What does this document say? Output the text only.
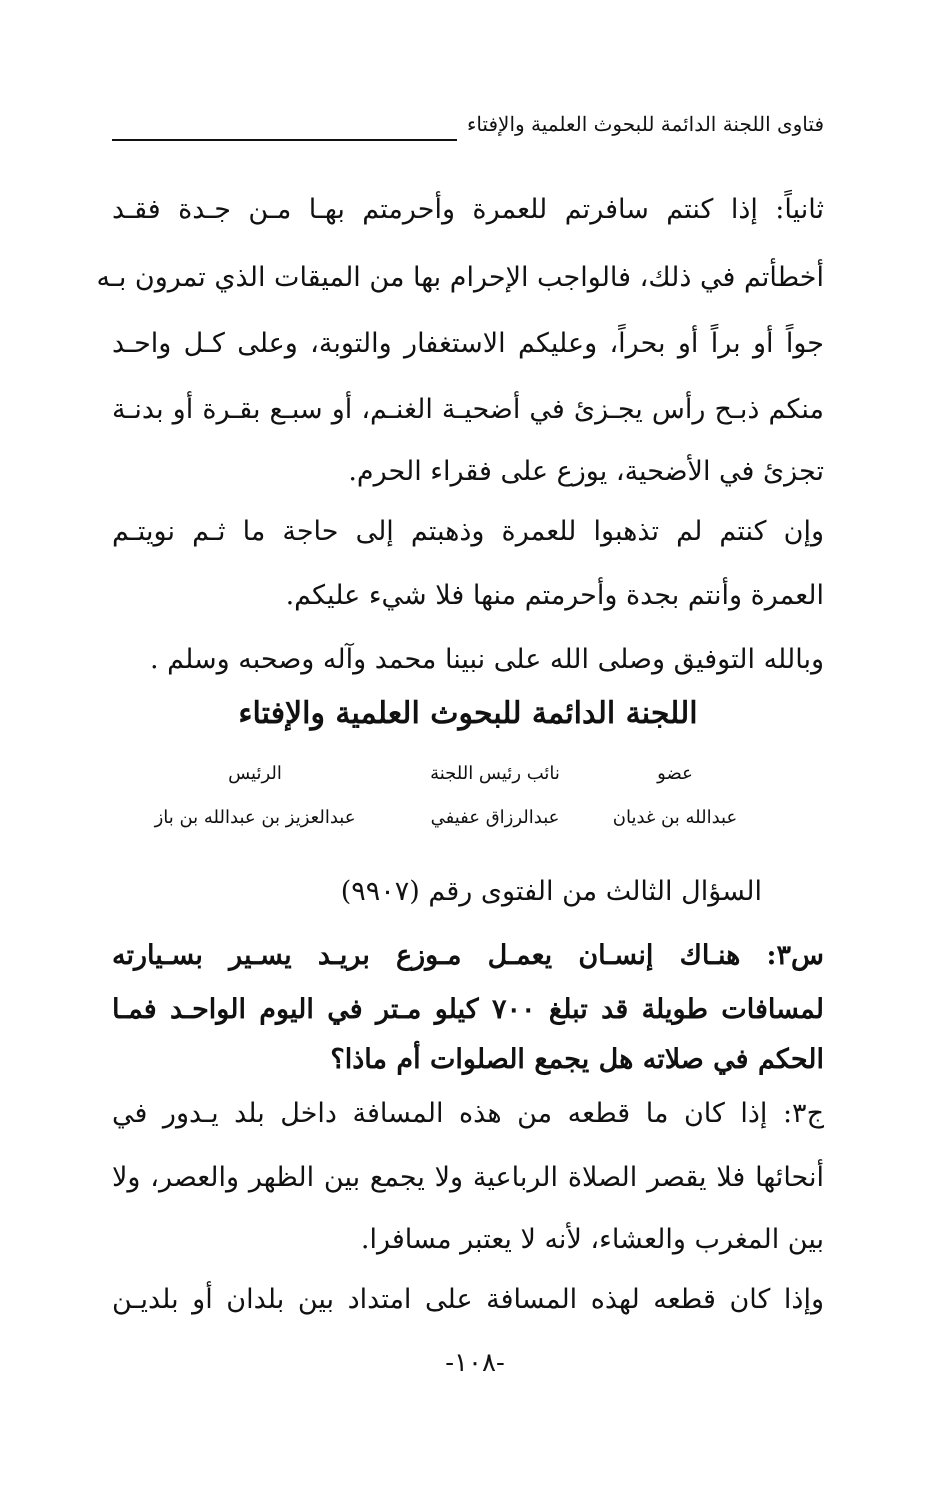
فتاوى اللجنة الدائمة للبحوث العلمية والإفتاء
ثانياً: إذا كنتم سافرتم للعمرة وأحرمتم بهـا مـن جـدة فقـد
أخطأتم في ذلك، فالواجب الإحرام بها من الميقات الذي تمرون بـه
جواً أو براً أو بحراً، وعليكم الاستغفار والتوبة، وعلى كـل واحـد
منكم ذبـح رأس يجـزئ في أضحيـة الغنـم، أو سبـع بقـرة أو بدنـة
تجزئ في الأضحية، يوزع على فقراء الحرم.
وإن كنتم لم تذهبوا للعمرة وذهبتم إلى حاجة ما ثـم نويتـم
العمرة وأنتم بجدة وأحرمتم منها فلا شيء عليكم.
وبالله التوفيق وصلى الله على نبينا محمد وآله وصحبه وسلم .
اللجنة الدائمة للبحوث العلمية والإفتاء
الرئيس
عبدالعزيز بن عبدالله بن باز
نائب رئيس اللجنة
عبدالرزاق عفيفي
عضو
عبدالله بن غديان
السؤال الثالث من الفتوى رقم (٩٩٠٧)
س٣: هنـاك إنسـان يعمـل مـوزع بريـد يسـير بسـيارته
لمسافات طويلة قد تبلغ ٧٠٠ كيلو مـتر في اليوم الواحـد فمـا
الحكم في صلاته هل يجمع الصلوات أم ماذا؟
ج٣: إذا كان ما قطعه من هذه المسافة داخل بلد يـدور في
أنحائها فلا يقصر الصلاة الرباعية ولا يجمع بين الظهر والعصر، ولا
بين المغرب والعشاء، لأنه لا يعتبر مسافرا.
وإذا كان قطعه لهذه المسافة على امتداد بين بلدان أو بلديـن
-١٠٨-
